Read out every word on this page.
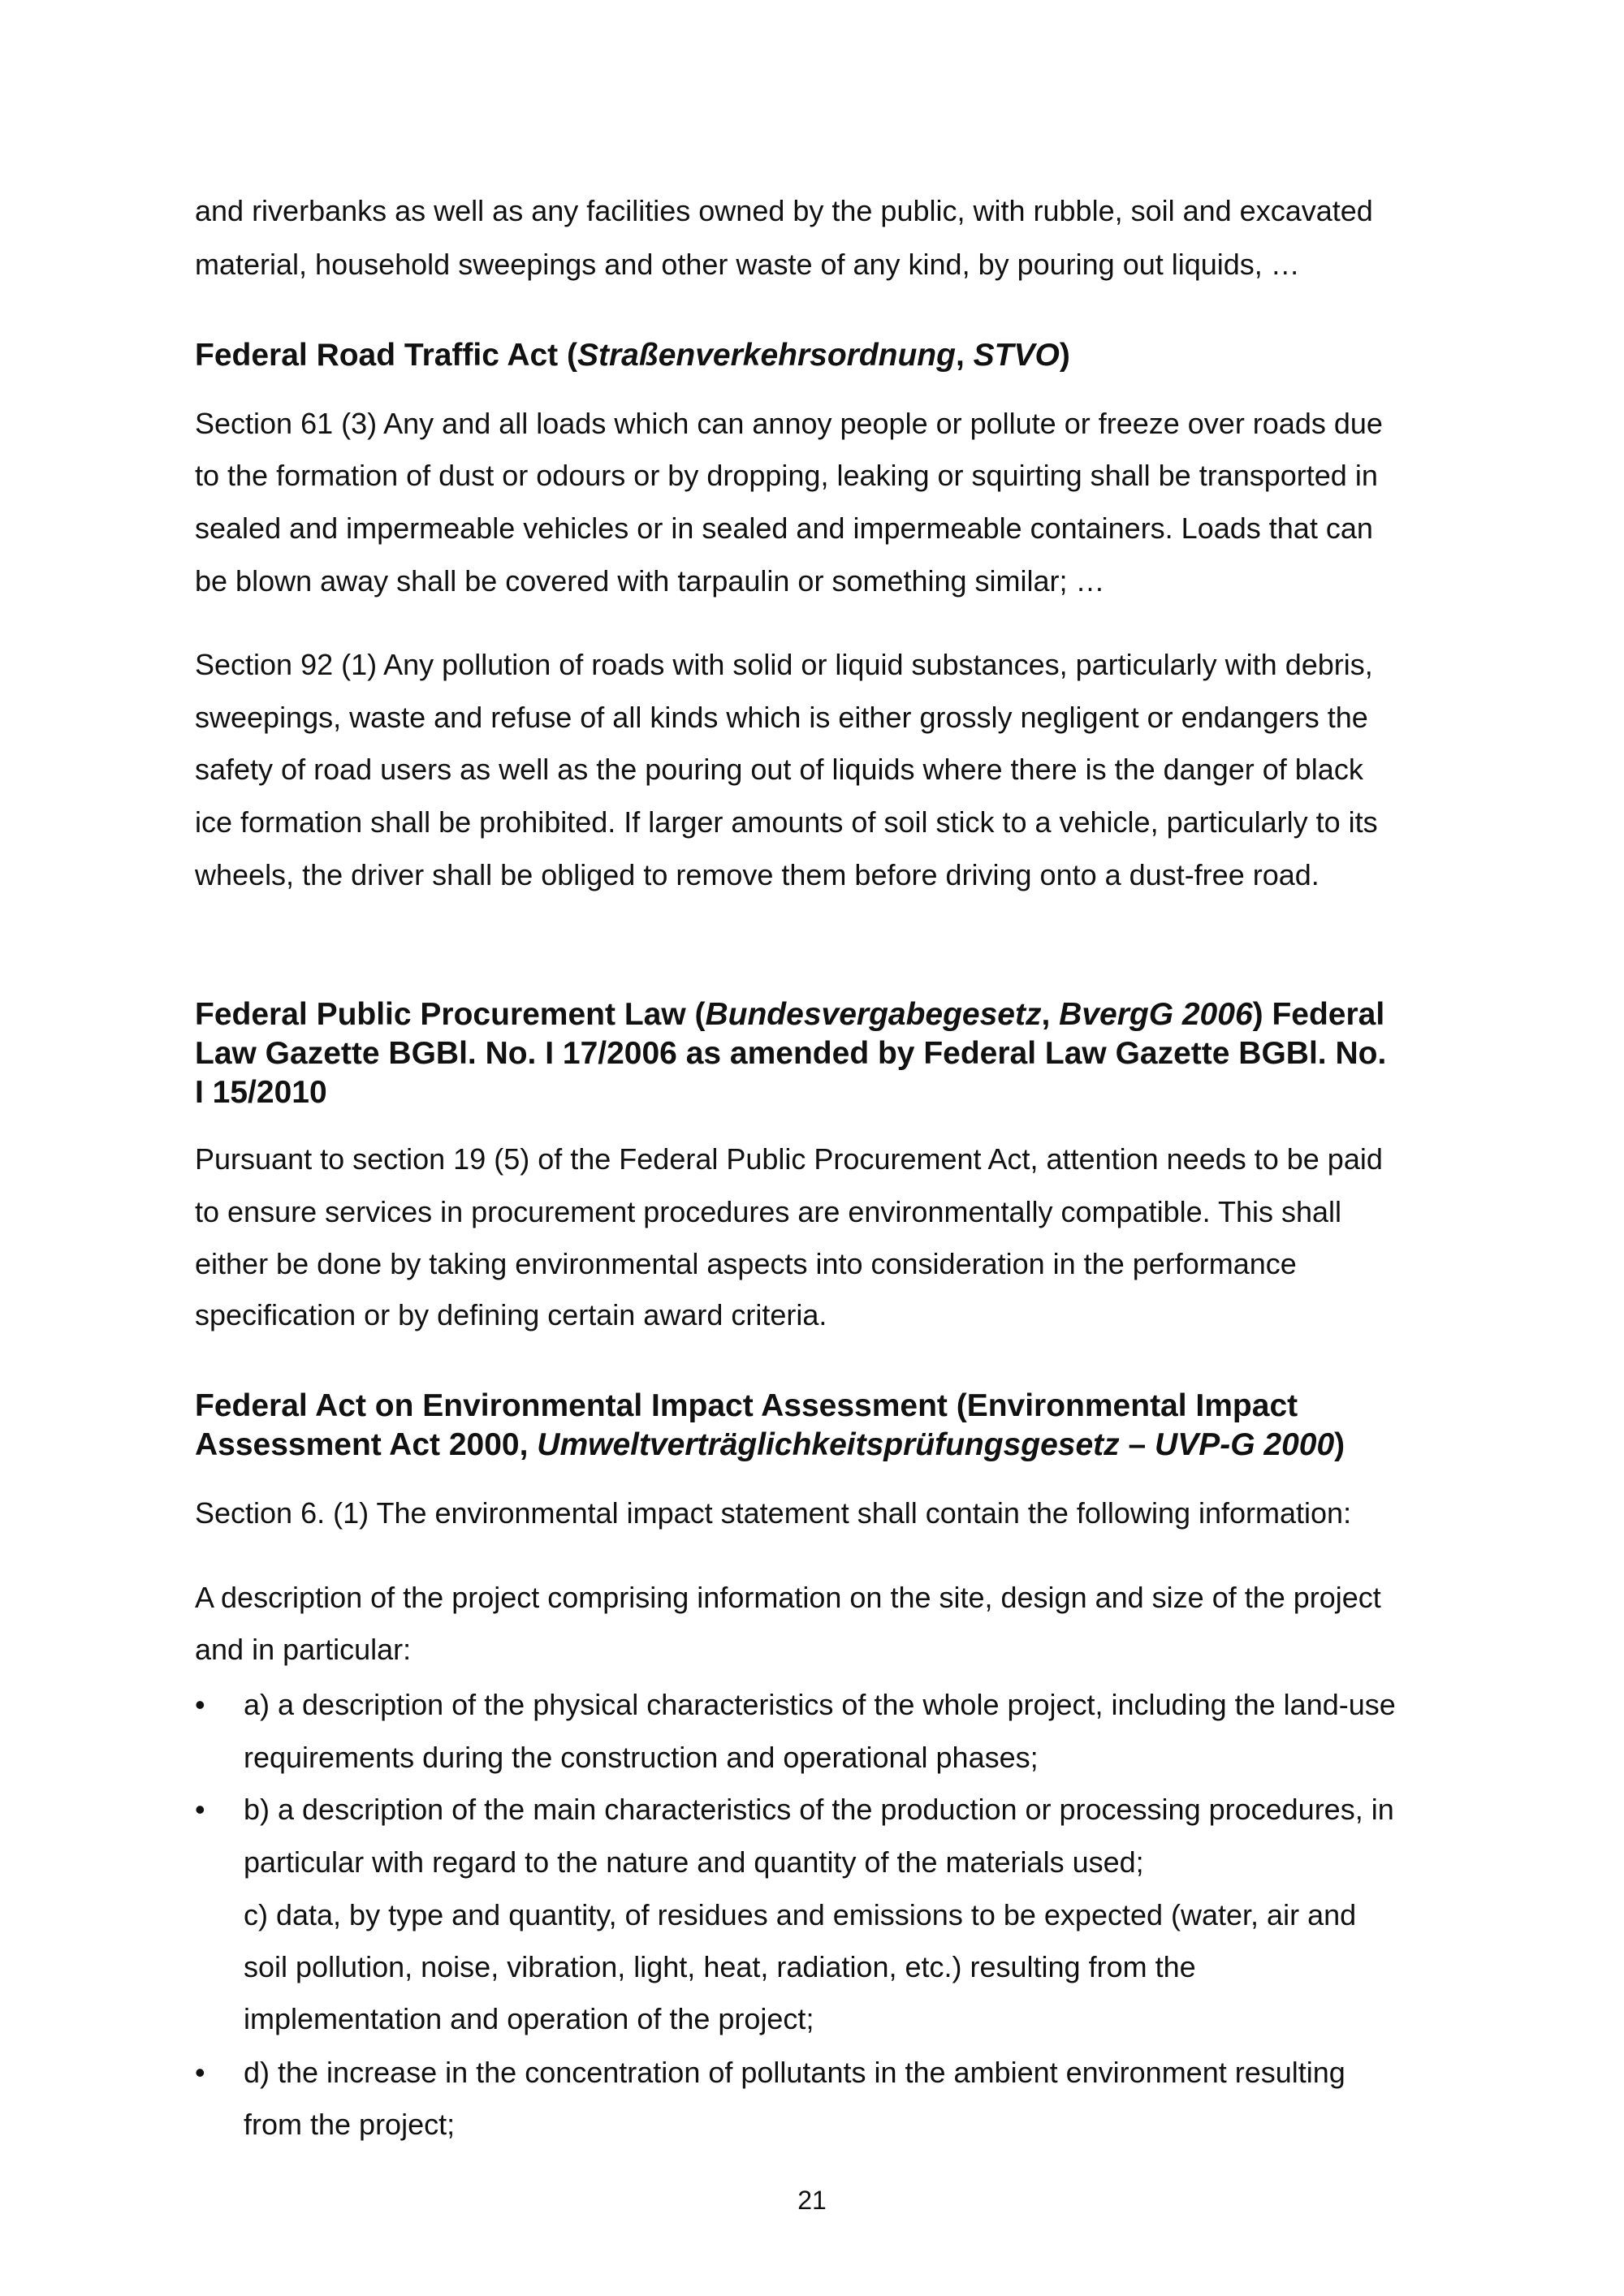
and riverbanks as well as any facilities owned by the public, with rubble, soil and excavated
material, household sweepings and other waste of any kind, by pouring out liquids, …
Federal Road Traffic Act (Straßenverkehrsordnung, STVO)
Section 61 (3) Any and all loads which can annoy people or pollute or freeze over roads due
to the formation of dust or odours or by dropping, leaking or squirting shall be transported in
sealed and impermeable vehicles or in sealed and impermeable containers. Loads that can
be blown away shall be covered with tarpaulin or something similar; …
Section 92 (1) Any pollution of roads with solid or liquid substances, particularly with debris,
sweepings, waste and refuse of all kinds which is either grossly negligent or endangers the
safety of road users as well as the pouring out of liquids where there is the danger of black
ice formation shall be prohibited. If larger amounts of soil stick to a vehicle, particularly to its
wheels, the driver shall be obliged to remove them before driving onto a dust-free road.
Federal Public Procurement Law (Bundesvergabegesetz, BvergG 2006) Federal
Law Gazette BGBl. No. I 17/2006 as amended by Federal Law Gazette BGBl. No.
I 15/2010
Pursuant to section 19 (5) of the Federal Public Procurement Act, attention needs to be paid
to ensure services in procurement procedures are environmentally compatible. This shall
either be done by taking environmental aspects into consideration in the performance
specification or by defining certain award criteria.
Federal Act on Environmental Impact Assessment (Environmental Impact
Assessment Act 2000, Umweltverträglichkeitsprüfungsgesetz – UVP-G 2000)
Section 6. (1) The environmental impact statement shall contain the following information:
A description of the project comprising information on the site, design and size of the project
and in particular:
• a) a description of the physical characteristics of the whole project, including the land-use
requirements during the construction and operational phases;
• b) a description of the main characteristics of the production or processing procedures, in
particular with regard to the nature and quantity of the materials used;
c) data, by type and quantity, of residues and emissions to be expected (water, air and
soil pollution, noise, vibration, light, heat, radiation, etc.) resulting from the
implementation and operation of the project;
• d) the increase in the concentration of pollutants in the ambient environment resulting
from the project;
21
